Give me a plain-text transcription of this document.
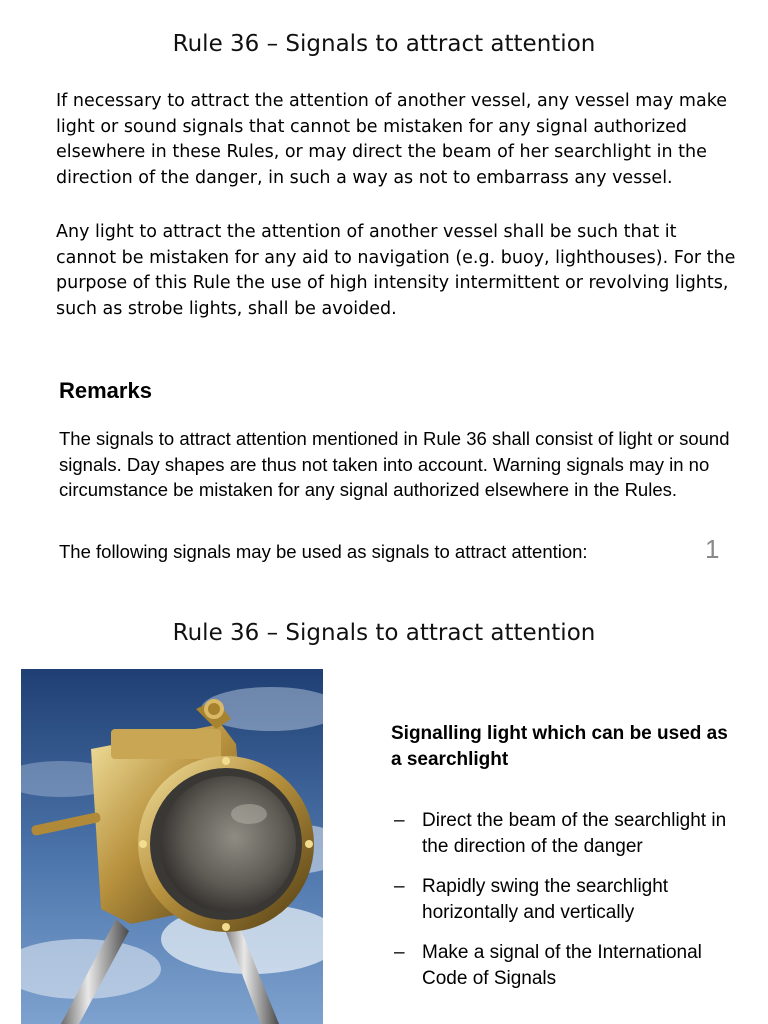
Rule 36 – Signals to attract attention

If necessary to attract the attention of another vessel, any vessel may make light or sound signals that cannot be mistaken for any signal authorized elsewhere in these Rules, or may direct the beam of her searchlight in the direction of the danger, in such a way as not to embarrass any vessel.

Any light to attract the attention of another vessel shall be such that it cannot be mistaken for any aid to navigation (e.g. buoy, lighthouses). For the purpose of this Rule the use of high intensity intermittent or revolving lights, such as strobe lights, shall be avoided.

Remarks

The signals to attract attention mentioned in Rule 36 shall consist of light or sound signals. Day shapes are thus not taken into account. Warning signals may in no circumstance be mistaken for any signal authorized elsewhere in the Rules.

The following signals may be used as signals to attract attention:	1
Rule 36 – Signals to attract attention
Signalling light which can be used as a searchlight
– Direct the beam of the searchlight in the direction of the danger
– Rapidly swing the searchlight horizontally and vertically
– Make a signal of the International Code of Signals
